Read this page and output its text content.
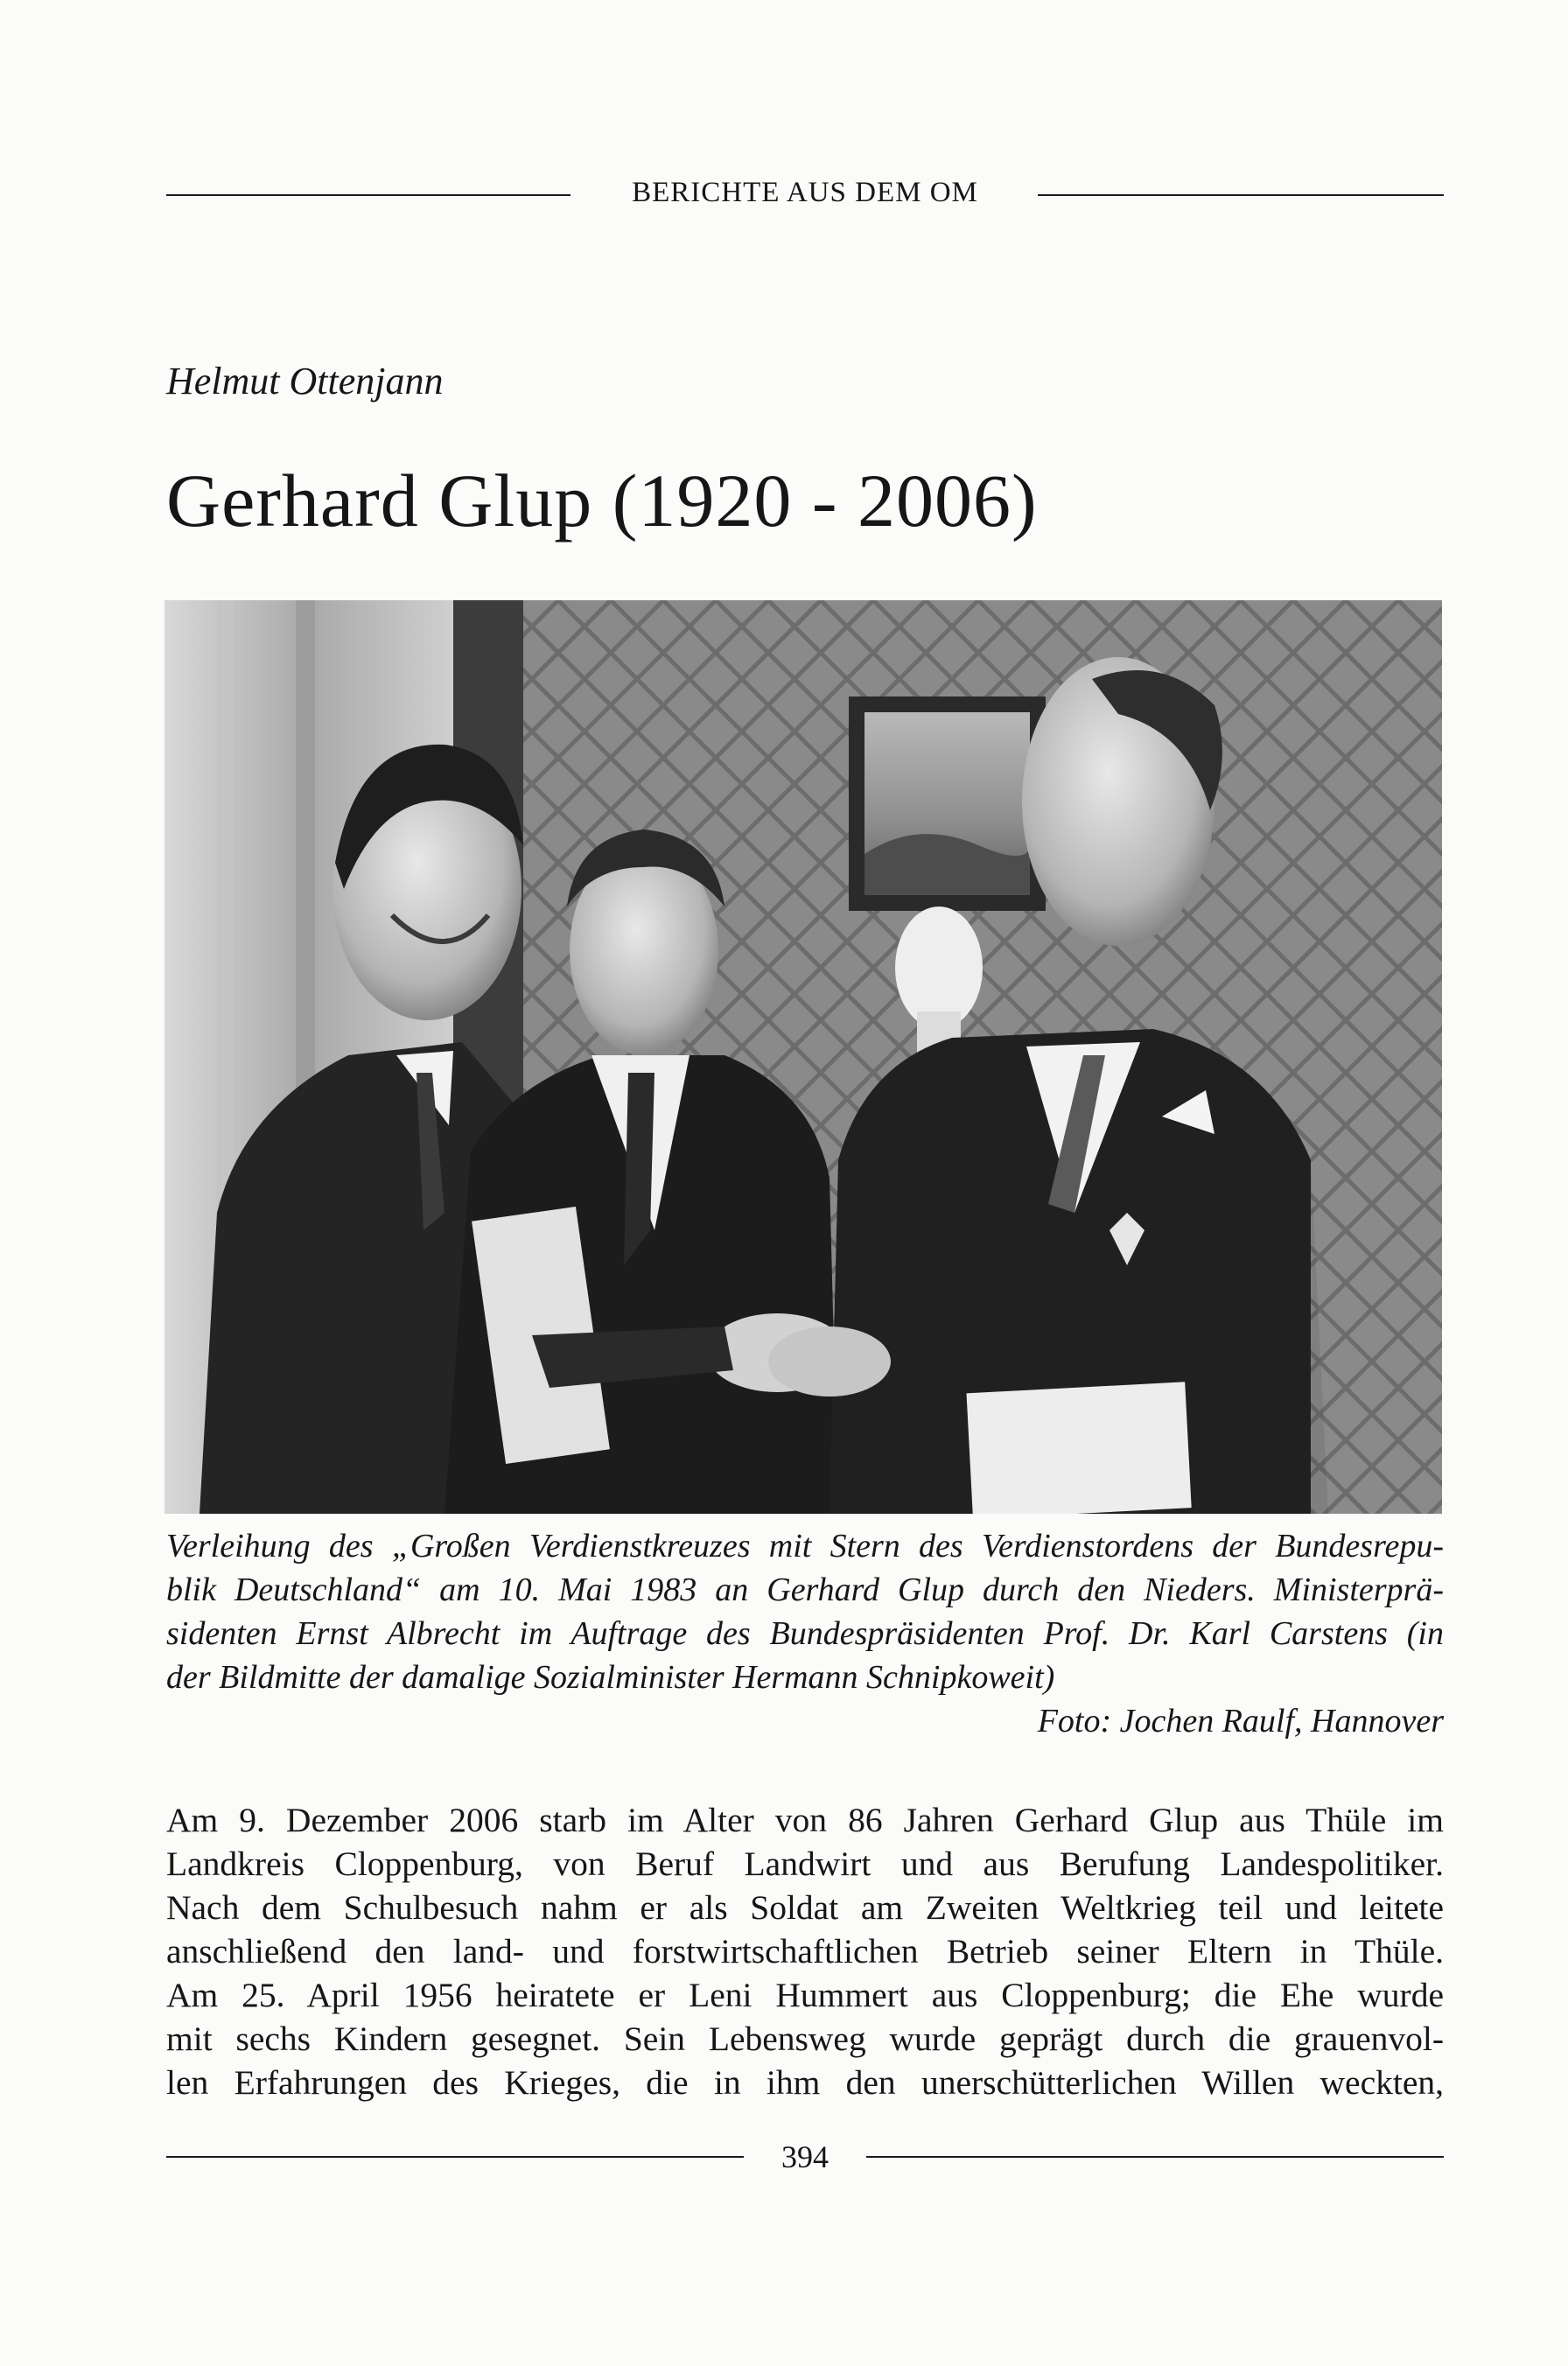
BERICHTE AUS DEM OM
Helmut Ottenjann
Gerhard Glup (1920 - 2006)
Verleihung des „Großen Verdienstkreuzes mit Stern des Verdienstordens der Bundesrepu-
blik Deutschland“ am 10. Mai 1983 an Gerhard Glup durch den Nieders. Ministerprä-
sidenten Ernst Albrecht im Auftrage des Bundespräsidenten Prof. Dr. Karl Carstens (in
der Bildmitte der damalige Sozialminister Hermann Schnipkoweit)
Foto: Jochen Raulf, Hannover
Am 9. Dezember 2006 starb im Alter von 86 Jahren Gerhard Glup aus Thüle im
Landkreis Cloppenburg, von Beruf Landwirt und aus Berufung Landespolitiker.
Nach dem Schulbesuch nahm er als Soldat am Zweiten Weltkrieg teil und leitete
anschließend den land- und forstwirtschaftlichen Betrieb seiner Eltern in Thüle.
Am 25. April 1956 heiratete er Leni Hummert aus Cloppenburg; die Ehe wurde
mit sechs Kindern gesegnet. Sein Lebensweg wurde geprägt durch die grauenvol-
len Erfahrungen des Krieges, die in ihm den unerschütterlichen Willen weckten,
394
